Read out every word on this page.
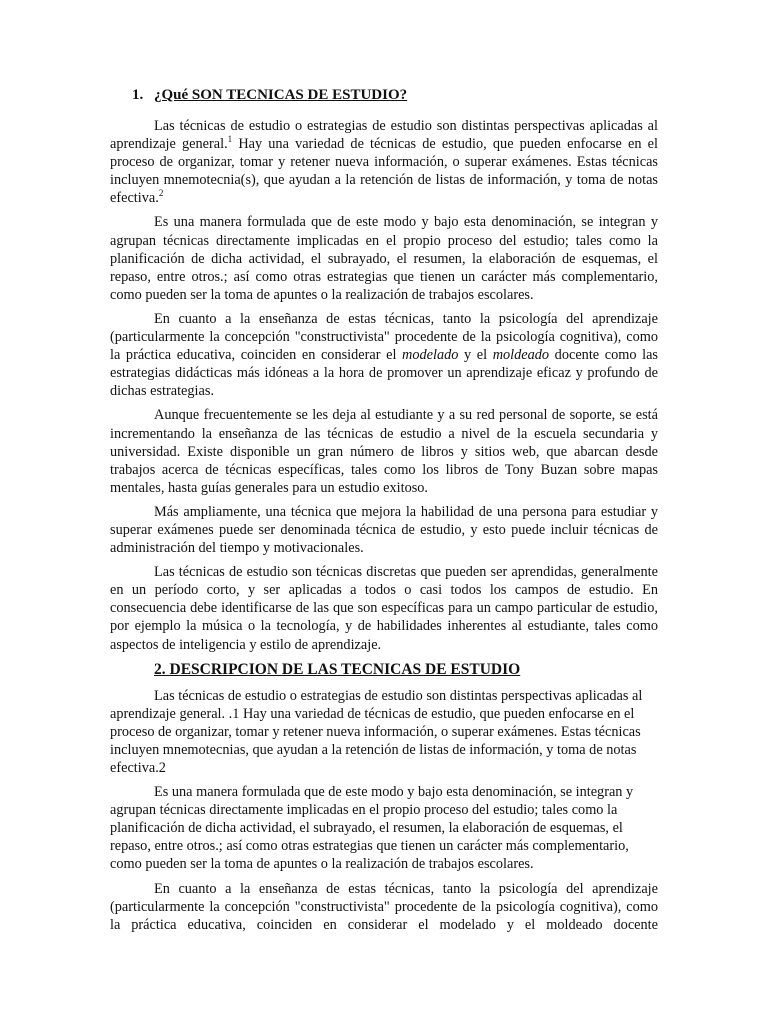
1. ¿Qué SON TECNICAS DE ESTUDIO?

Las técnicas de estudio o estrategias de estudio son distintas perspectivas aplicadas al aprendizaje general.$^1$ Hay una variedad de técnicas de estudio, que pueden enfocarse en el proceso de organizar, tomar y retener nueva información, o superar exámenes. Estas técnicas incluyen mnemotecnia(s), que ayudan a la retención de listas de información, y toma de notas efectiva.$^2$

Es una manera formulada que de este modo y bajo esta denominación, se integran y agrupan técnicas directamente implicadas en el propio proceso del estudio; tales como la planificación de dicha actividad, el subrayado, el resumen, la elaboración de esquemas, el repaso, entre otros.; así como otras estrategias que tienen un carácter más complementario, como pueden ser la toma de apuntes o la realización de trabajos escolares.

En cuanto a la enseñanza de estas técnicas, tanto la psicología del aprendizaje (particularmente la concepción "constructivista" procedente de la psicología cognitiva), como la práctica educativa, coinciden en considerar el modelado y el moldeado docente como las estrategias didácticas más idóneas a la hora de promover un aprendizaje eficaz y profundo de dichas estrategias.

Aunque frecuentemente se les deja al estudiante y a su red personal de soporte, se está incrementando la enseñanza de las técnicas de estudio a nivel de la escuela secundaria y universidad. Existe disponible un gran número de libros y sitios web, que abarcan desde trabajos acerca de técnicas específicas, tales como los libros de Tony Buzan sobre mapas mentales, hasta guías generales para un estudio exitoso.

Más ampliamente, una técnica que mejora la habilidad de una persona para estudiar y superar exámenes puede ser denominada técnica de estudio, y esto puede incluir técnicas de administración del tiempo y motivacionales.

Las técnicas de estudio son técnicas discretas que pueden ser aprendidas, generalmente en un período corto, y ser aplicadas a todos o casi todos los campos de estudio. En consecuencia debe identificarse de las que son específicas para un campo particular de estudio, por ejemplo la música o la tecnología, y de habilidades inherentes al estudiante, tales como aspectos de inteligencia y estilo de aprendizaje.

2. DESCRIPCION DE LAS TECNICAS DE ESTUDIO

Las técnicas de estudio o estrategias de estudio son distintas perspectivas aplicadas al aprendizaje general. .1 Hay una variedad de técnicas de estudio, que pueden enfocarse en el proceso de organizar, tomar y retener nueva información, o superar exámenes. Estas técnicas incluyen mnemotecnias, que ayudan a la retención de listas de información, y toma de notas efectiva.2

Es una manera formulada que de este modo y bajo esta denominación, se integran y agrupan técnicas directamente implicadas en el propio proceso del estudio; tales como la planificación de dicha actividad, el subrayado, el resumen, la elaboración de esquemas, el repaso, entre otros.; así como otras estrategias que tienen un carácter más complementario, como pueden ser la toma de apuntes o la realización de trabajos escolares.

En cuanto a la enseñanza de estas técnicas, tanto la psicología del aprendizaje (particularmente la concepción "constructivista" procedente de la psicología cognitiva), como la práctica educativa, coinciden en considerar el modelado y el moldeado docente
